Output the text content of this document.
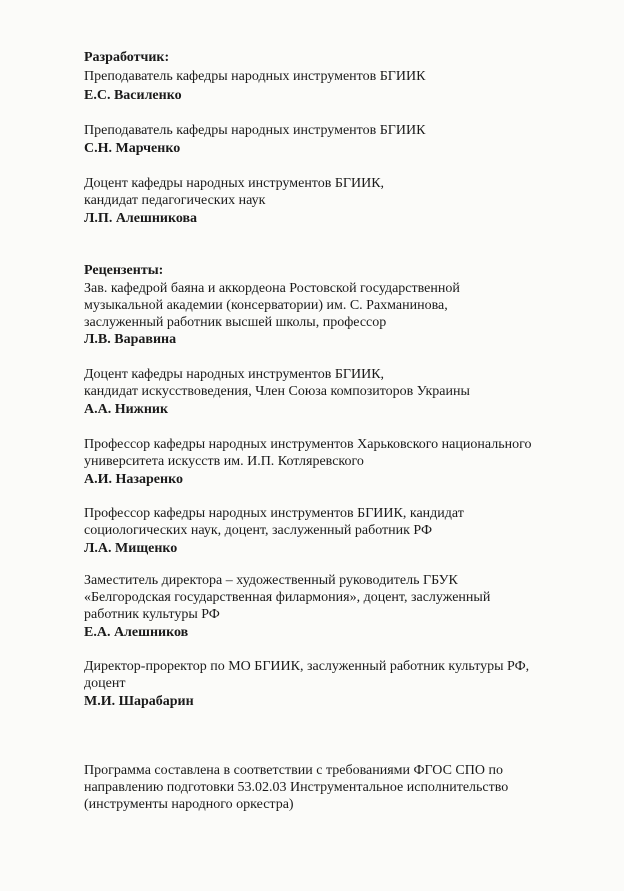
Разработчик:
Преподаватель кафедры народных инструментов БГИИК
Е.С. Василенко
Преподаватель кафедры народных инструментов БГИИК
С.Н. Марченко
Доцент кафедры народных инструментов БГИИК,
кандидат педагогических наук
Л.П. Алешникова
Рецензенты:
Зав. кафедрой баяна и аккордеона Ростовской государственной
музыкальной академии (консерватории) им. С. Рахманинова,
заслуженный работник высшей школы, профессор
Л.В. Варавина
Доцент кафедры народных инструментов БГИИК,
кандидат искусствоведения, Член Союза композиторов Украины
А.А. Нижник
Профессор кафедры народных инструментов Харьковского национального
университета искусств им. И.П. Котляревского
А.И. Назаренко
Профессор кафедры народных инструментов БГИИК, кандидат
социологических наук, доцент, заслуженный работник РФ
Л.А. Мищенко
Заместитель директора – художественный руководитель ГБУК
«Белгородская государственная филармония», доцент, заслуженный
работник культуры РФ
Е.А. Алешников
Директор-проректор по МО БГИИК, заслуженный работник культуры РФ,
доцент
М.И. Шарабарин
Программа составлена в соответствии с требованиями ФГОС СПО по
направлению подготовки 53.02.03 Инструментальное исполнительство
(инструменты народного оркестра)
